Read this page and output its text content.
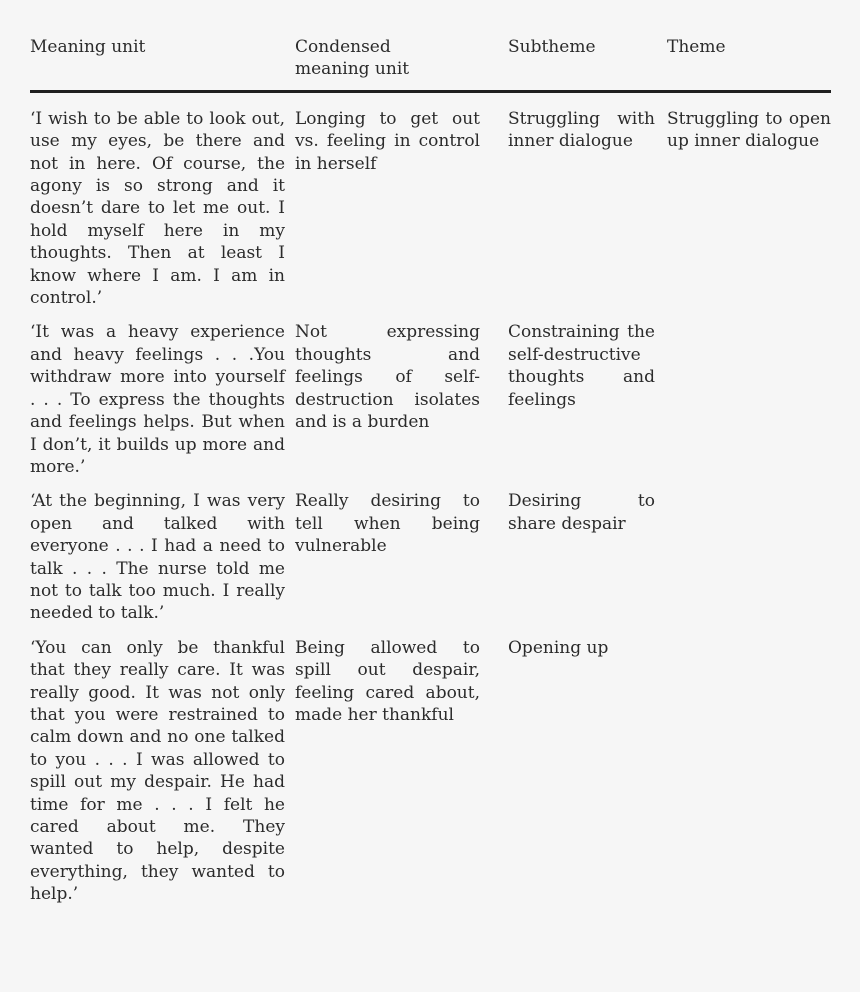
Meaning unit	Condensed meaning unit
Subtheme	Theme
‘I wish to be able to look out, use my eyes, be there and not in here. Of course, the agony is so strong and it doesn’t dare to let me out. I hold myself here in my thoughts. Then at least I know where I am. I am in control.’
Longing to get out vs. feeling in control in herself
Struggling with inner dialogue
Struggling to open up inner dialogue
‘It was a heavy experience and heavy feelings . . .You withdraw more into yourself . . . To express the thoughts and feelings helps. But when I don’t, it builds up more and more.’
Not expressing thoughts and feelings of self-destruction isolates and is a burden
Constraining the self-destructive thoughts and feelings
‘At the beginning, I was very open and talked with everyone . . . I had a need to talk . . . The nurse told me not to talk too much. I really needed to talk.’
Really desiring to tell when being vulnerable
Desiring to share despair
‘You can only be thankful that they really care. It was really good. It was not only that you were restrained to calm down and no one talked to you . . . I was allowed to spill out my despair. He had time for me . . . I felt he cared about me. They wanted to help, despite everything, they wanted to help.’
Being allowed to spill out despair, feeling cared about, made her thankful
Opening up
